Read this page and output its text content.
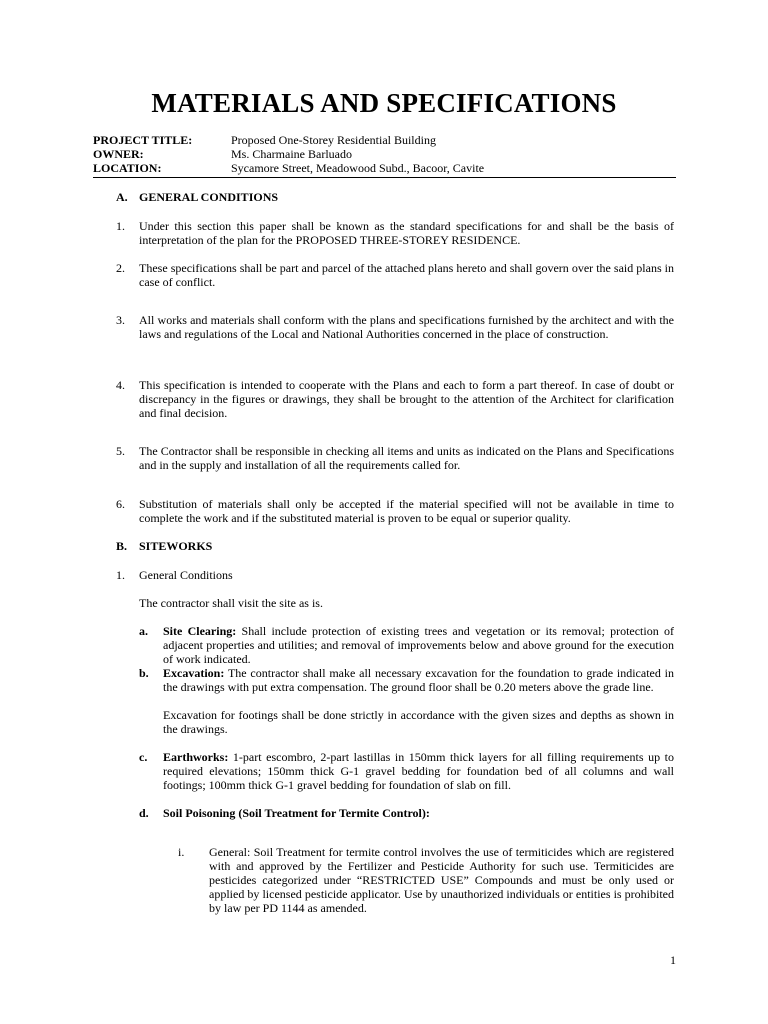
MATERIALS AND SPECIFICATIONS
PROJECT TITLE:	Proposed One-Storey Residential Building
OWNER:	Ms. Charmaine Barluado
LOCATION:	Sycamore Street, Meadowood Subd., Bacoor, Cavite
A. GENERAL CONDITIONS
1. Under this section this paper shall be known as the standard specifications for and shall be the basis of interpretation of the plan for the PROPOSED THREE-STOREY RESIDENCE.
2. These specifications shall be part and parcel of the attached plans hereto and shall govern over the said plans in case of conflict.
3. All works and materials shall conform with the plans and specifications furnished by the architect and with the laws and regulations of the Local and National Authorities concerned in the place of construction.
4. This specification is intended to cooperate with the Plans and each to form a part thereof. In case of doubt or discrepancy in the figures or drawings, they shall be brought to the attention of the Architect for clarification and final decision.
5. The Contractor shall be responsible in checking all items and units as indicated on the Plans and Specifications and in the supply and installation of all the requirements called for.
6. Substitution of materials shall only be accepted if the material specified will not be available in time to complete the work and if the substituted material is proven to be equal or superior quality.
B. SITEWORKS
1. General Conditions
The contractor shall visit the site as is.
a. Site Clearing: Shall include protection of existing trees and vegetation or its removal; protection of adjacent properties and utilities; and removal of improvements below and above ground for the execution of work indicated.
b. Excavation: The contractor shall make all necessary excavation for the foundation to grade indicated in the drawings with put extra compensation. The ground floor shall be 0.20 meters above the grade line.
Excavation for footings shall be done strictly in accordance with the given sizes and depths as shown in the drawings.
c. Earthworks: 1-part escombro, 2-part lastillas in 150mm thick layers for all filling requirements up to required elevations; 150mm thick G-1 gravel bedding for foundation bed of all columns and wall footings; 100mm thick G-1 gravel bedding for foundation of slab on fill.
d. Soil Poisoning (Soil Treatment for Termite Control):
i. General: Soil Treatment for termite control involves the use of termiticides which are registered with and approved by the Fertilizer and Pesticide Authority for such use. Termiticides are pesticides categorized under “RESTRICTED USE” Compounds and must be only used or applied by licensed pesticide applicator. Use by unauthorized individuals or entities is prohibited by law per PD 1144 as amended.
1
